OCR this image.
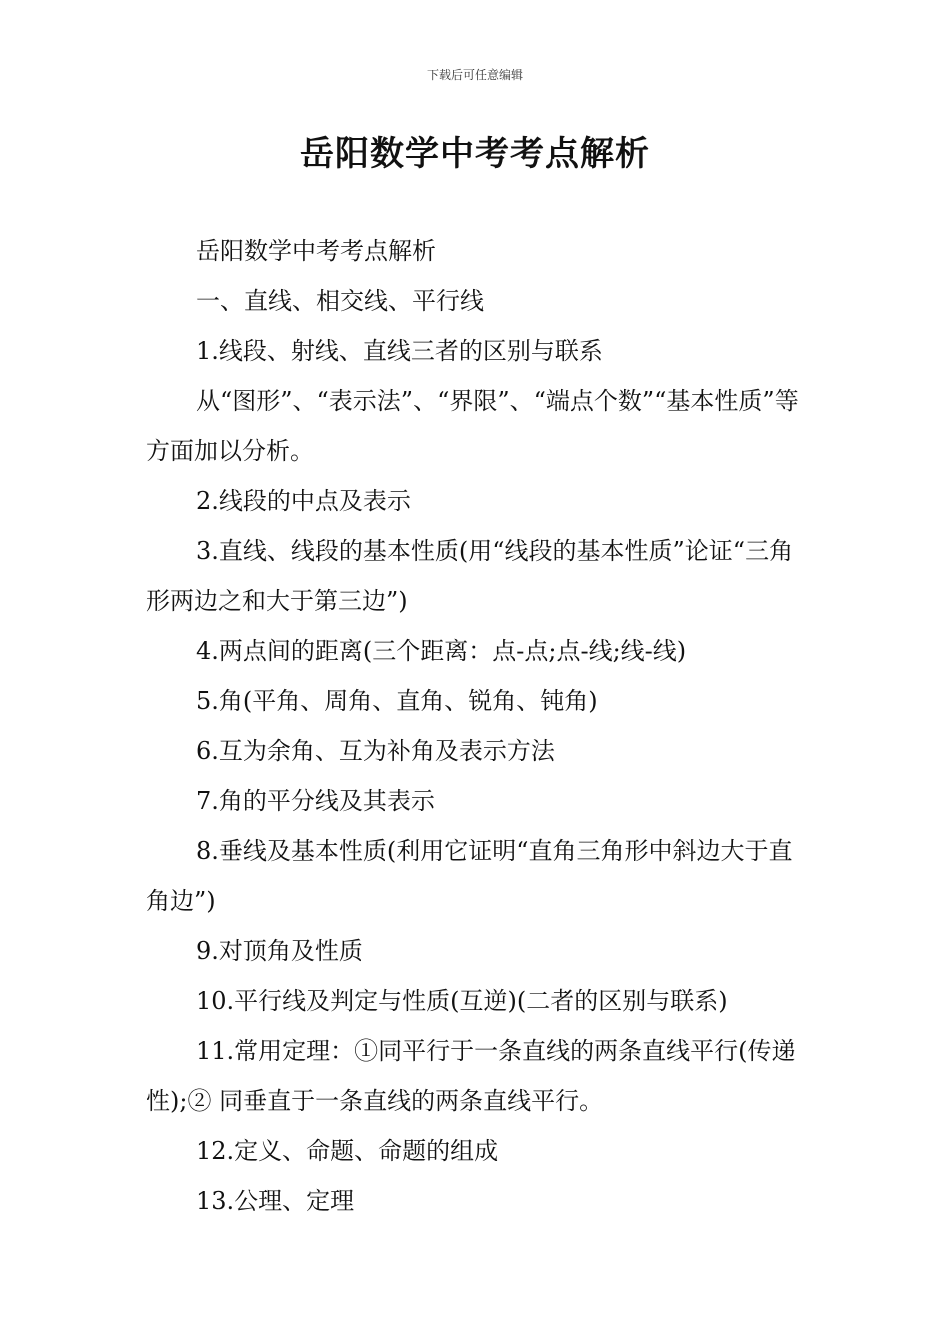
下载后可任意编辑
岳阳数学中考考点解析

岳阳数学中考考点解析

一、直线、相交线、平行线

1.线段、射线、直线三者的区别与联系

从“图形”、“表示法”、“界限”、“端点个数”“基本性质”等方面加以分析。

2.线段的中点及表示

3.直线、线段的基本性质(用“线段的基本性质”论证“三角形两边之和大于第三边”)

4.两点间的距离(三个距离：点-点;点-线;线-线)

5.角(平角、周角、直角、锐角、钝角)

6.互为余角、互为补角及表示方法

7.角的平分线及其表示

8.垂线及基本性质(利用它证明“直角三角形中斜边大于直角边”)

9.对顶角及性质

10.平行线及判定与性质(互逆)(二者的区别与联系)

11.常用定理：①同平行于一条直线的两条直线平行(传递性);② 同垂直于一条直线的两条直线平行。

12.定义、命题、命题的组成

13.公理、定理
